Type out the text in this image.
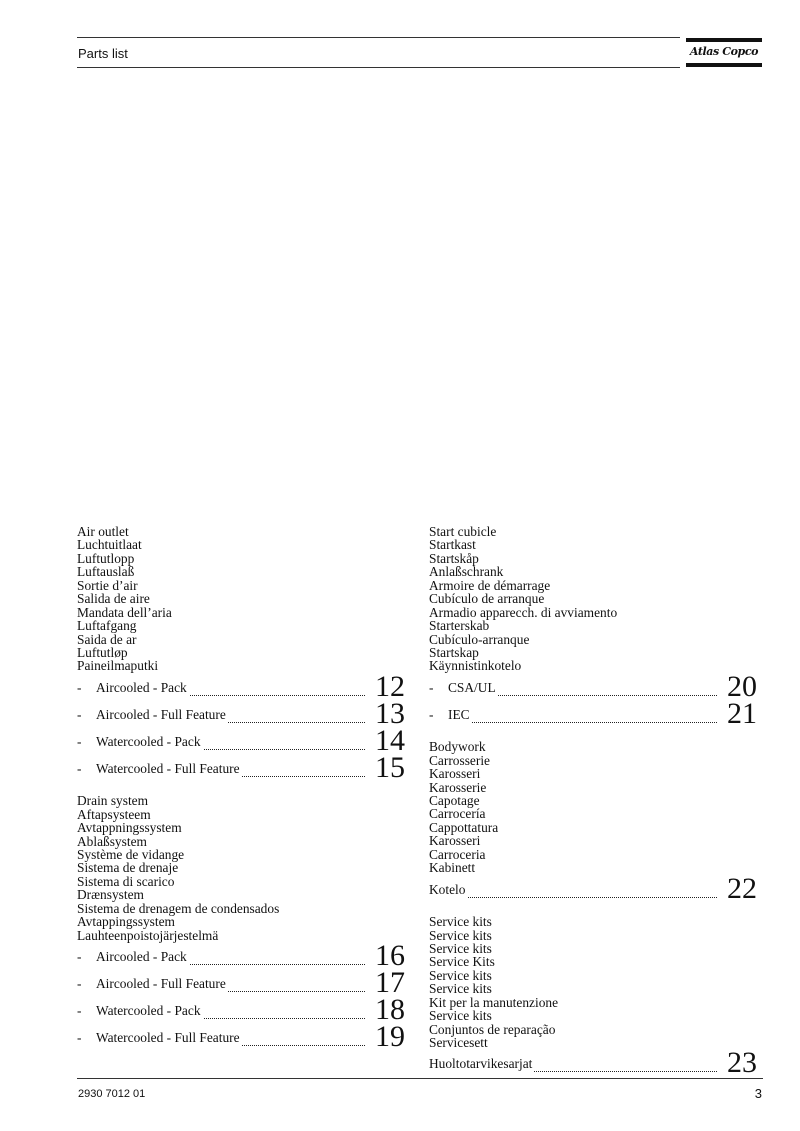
Parts list	Atlas Copco
Air outlet
Luchtuitlaat
Luftutlopp
Luftauslaß
Sortie d’air
Salida de aire
Mandata dell’aria
Luftafgang
Saida de ar
Luftutløp
Paineilmaputki
- Aircooled - Pack	12
- Aircooled - Full Feature	13
- Watercooled - Pack	14
- Watercooled - Full Feature	15
Drain system
Aftapsysteem
Avtappningssystem
Ablaßsystem
Système de vidange
Sistema de drenaje
Sistema di scarico
Drænsystem
Sistema de drenagem de condensados
Avtappingssystem
Lauhteenpoistojärjestelmä
- Aircooled - Pack	16
- Aircooled - Full Feature	17
- Watercooled - Pack	18
- Watercooled - Full Feature	19
Start cubicle
Startkast
Startskåp
Anlaßschrank
Armoire de démarrage
Cubículo de arranque
Armadio apparecch. di avviamento
Starterskab
Cubículo-arranque
Startskap
Käynnistinkotelo
- CSA/UL	20
- IEC	21
Bodywork
Carrosserie
Karosseri
Karosserie
Capotage
Carrocería
Cappottatura
Karosseri
Carroceria
Kabinett
Kotelo	22
Service kits
Service kits
Service kits
Service Kits
Service kits
Service kits
Kit per la manutenzione
Service kits
Conjuntos de reparação
Servicesett
Huoltotarvikesarjat	23
2930 7012 01	3
